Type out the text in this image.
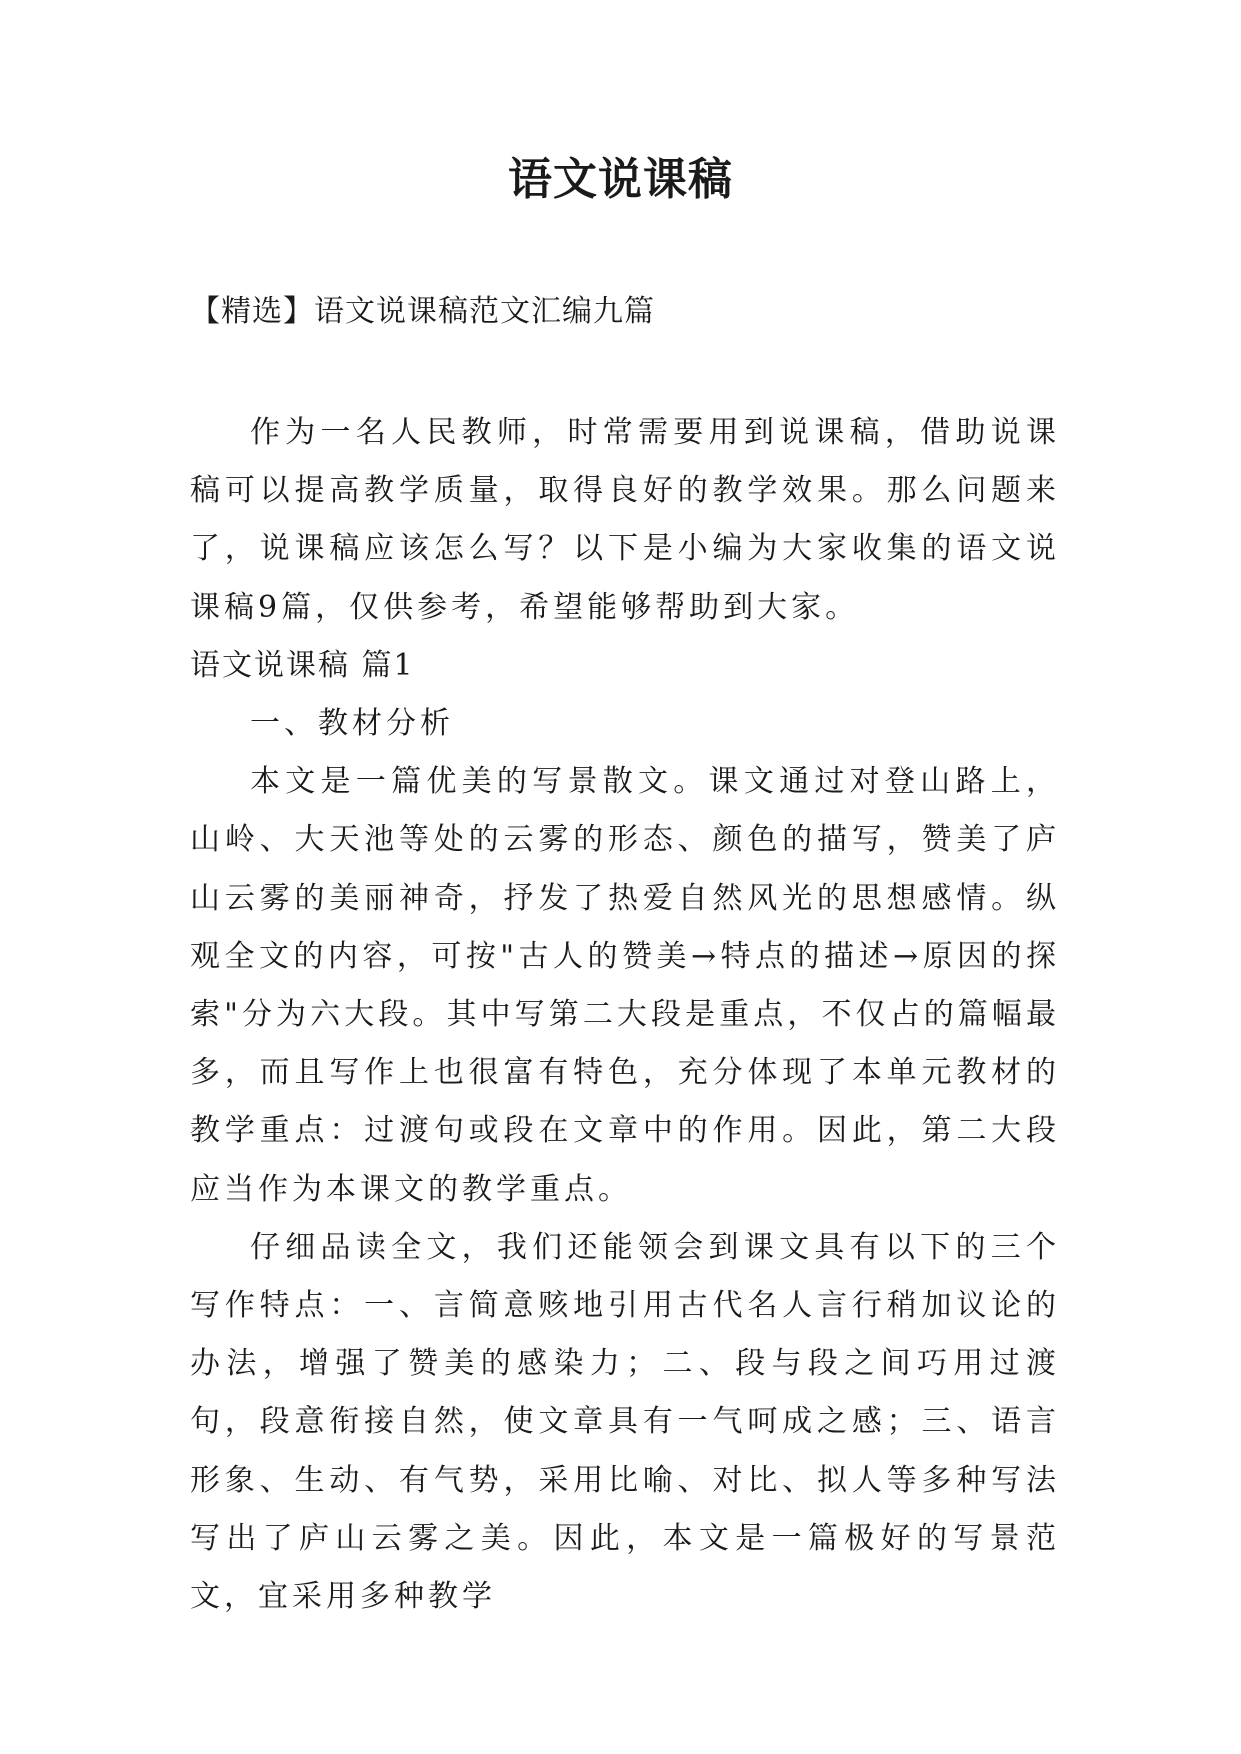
语文说课稿

【精选】语文说课稿范文汇编九篇

作为一名人民教师，时常需要用到说课稿，借助说课稿可以提高教学质量，取得良好的教学效果。那么问题来了，说课稿应该怎么写？以下是小编为大家收集的语文说课稿9篇，仅供参考，希望能够帮助到大家。

语文说课稿 篇1

一、教材分析

本文是一篇优美的写景散文。课文通过对登山路上，山岭、大天池等处的云雾的形态、颜色的描写，赞美了庐山云雾的美丽神奇，抒发了热爱自然风光的思想感情。纵观全文的内容，可按"古人的赞美→特点的描述→原因的探索"分为六大段。其中写第二大段是重点，不仅占的篇幅最多，而且写作上也很富有特色，充分体现了本单元教材的教学重点：过渡句或段在文章中的作用。因此，第二大段应当作为本课文的教学重点。

仔细品读全文，我们还能领会到课文具有以下的三个写作特点：一、言简意赅地引用古代名人言行稍加议论的办法，增强了赞美的感染力；二、段与段之间巧用过渡句，段意衔接自然，使文章具有一气呵成之感；三、语言形象、生动、有气势，采用比喻、对比、拟人等多种写法写出了庐山云雾之美。因此，本文是一篇极好的写景范文，宜采用多种教学
